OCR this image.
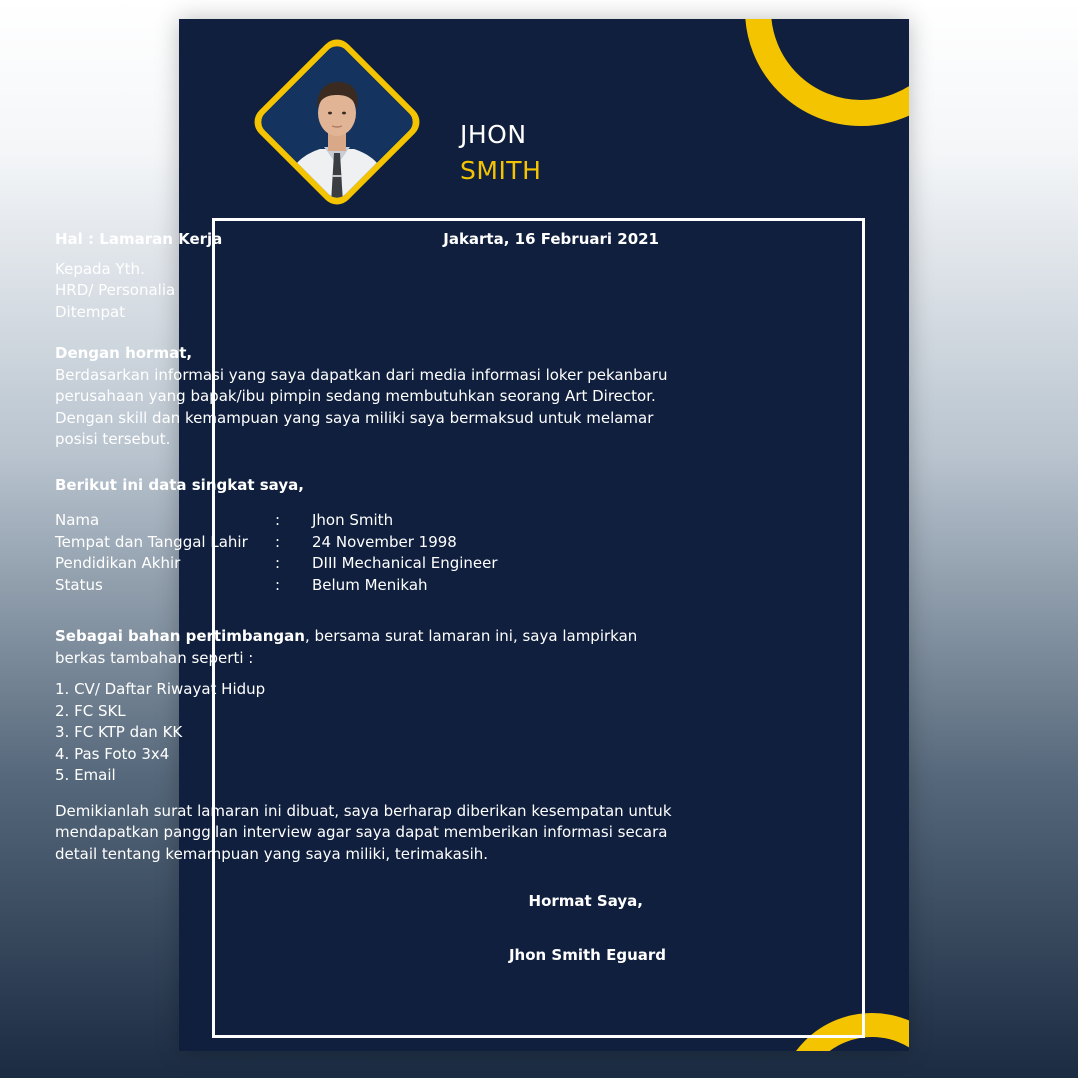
JHON
SMITH
Hal : Lamaran Kerja	Jakarta, 16 Februari 2021
Kepada Yth.
HRD/ Personalia
Ditempat
Dengan hormat,

Berdasarkan informasi yang saya dapatkan dari media informasi loker pekanbaru perusahaan yang bapak/ibu pimpin sedang membutuhkan seorang Art Director. Dengan skill dan kemampuan yang saya miliki saya bermaksud untuk melamar posisi tersebut.

Berikut ini data singkat saya,
Nama	:	Jhon Smith
Tempat dan Tanggal Lahir	:	24 November 1998
Pendidikan Akhir	:	DIII Mechanical Engineer
Status	:	Belum Menikah

Sebagai bahan pertimbangan, bersama surat lamaran ini, saya lampirkan berkas tambahan seperti :

1. CV/ Daftar Riwayat Hidup
2. FC SKL
3. FC KTP dan KK
4. Pas Foto 3x4
5. Email

Demikianlah surat lamaran ini dibuat, saya berharap diberikan kesempatan untuk mendapatkan panggilan interview agar saya dapat memberikan informasi secara detail tentang kemampuan yang saya miliki, terimakasih.

Hormat Saya,
Jhon Smith Eguard
